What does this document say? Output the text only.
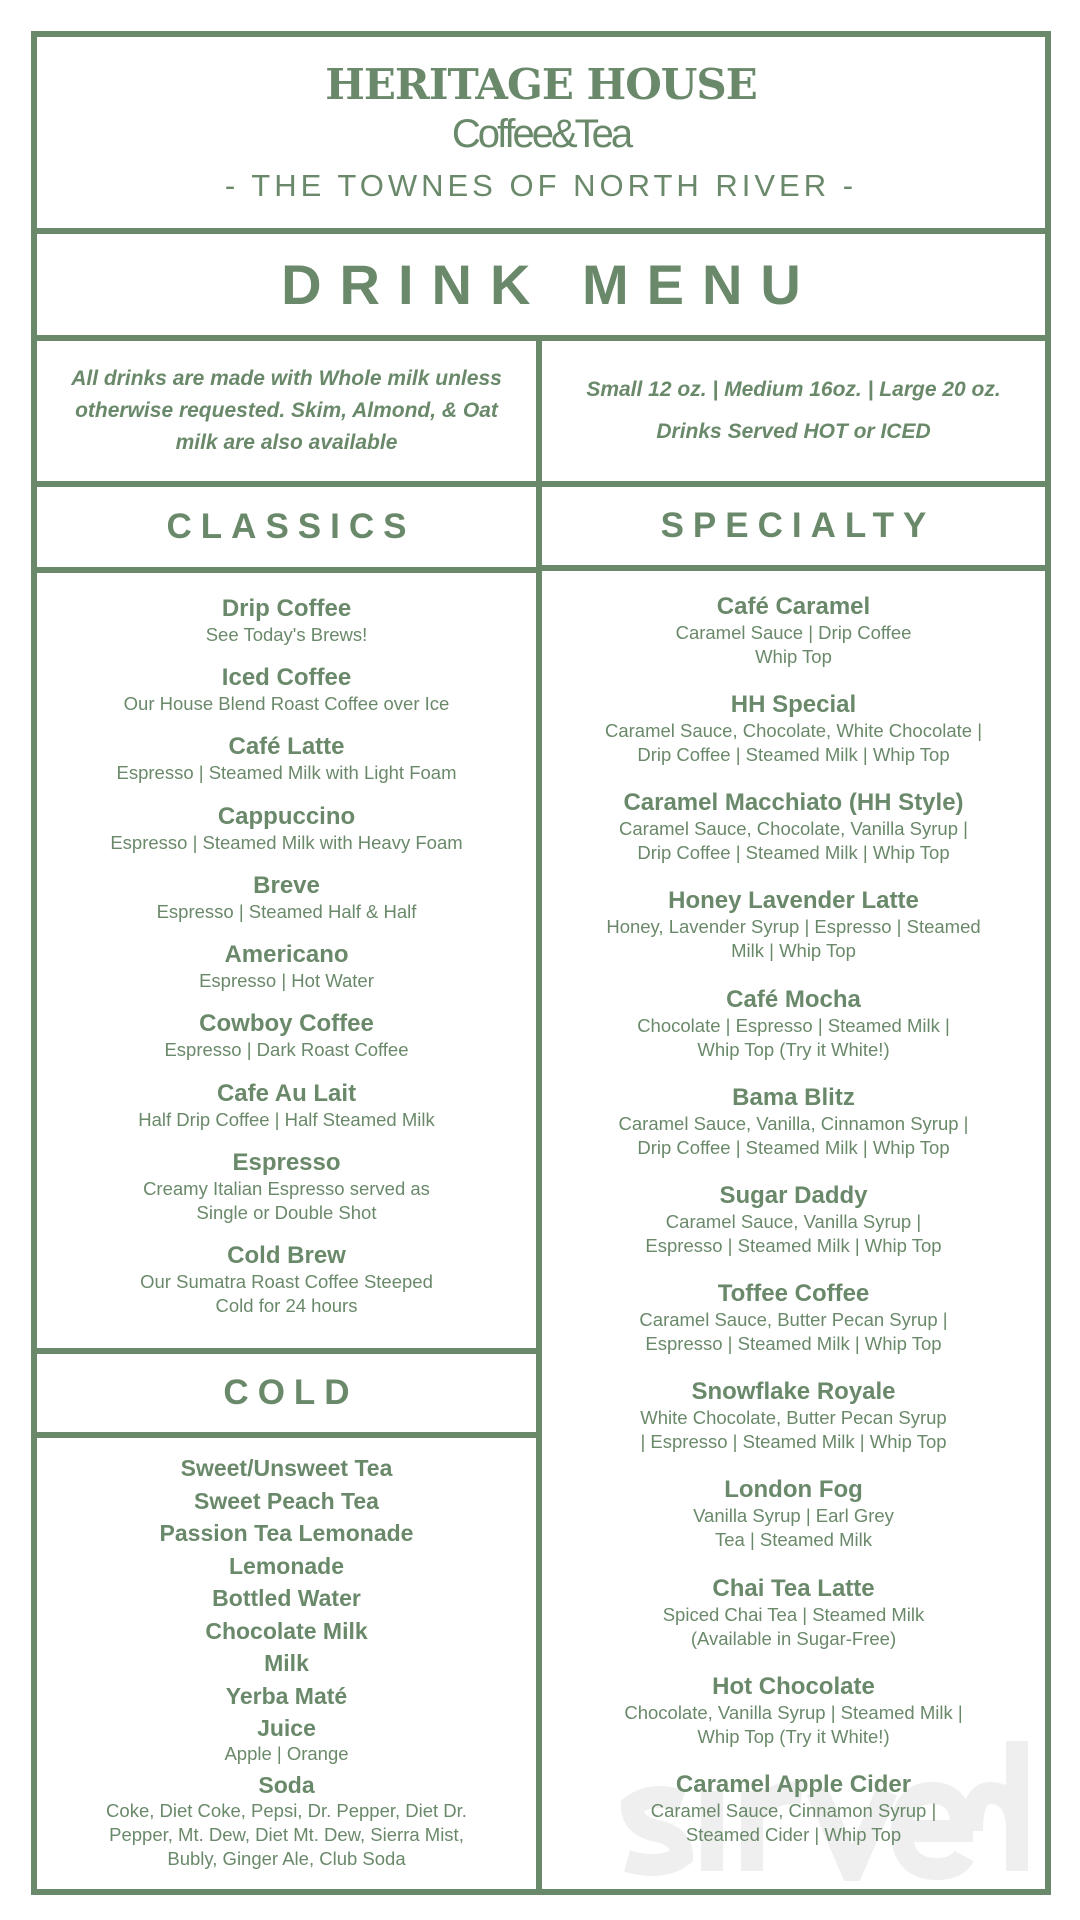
HERITAGE HOUSE
Coffee&Tea
- THE TOWNES OF NORTH RIVER -
DRINK MENU
All drinks are made with Whole milk unless otherwise requested. Skim, Almond, & Oat milk are also available
Small 12 oz. | Medium 16oz. | Large 20 oz.
Drinks Served HOT or ICED
CLASSICS	SPECIALTY
Drip Coffee
See Today's Brews!
Iced Coffee
Our House Blend Roast Coffee over Ice
Café Latte
Espresso | Steamed Milk with Light Foam
Cappuccino
Espresso | Steamed Milk with Heavy Foam
Breve
Espresso | Steamed Half & Half
Americano
Espresso | Hot Water
Cowboy Coffee
Espresso | Dark Roast Coffee
Cafe Au Lait
Half Drip Coffee | Half Steamed Milk
Espresso
Creamy Italian Espresso served as
Single or Double Shot
Cold Brew
Our Sumatra Roast Coffee Steeped
Cold for 24 hours
COLD
Sweet/Unsweet Tea
Sweet Peach Tea
Passion Tea Lemonade
Lemonade
Bottled Water
Chocolate Milk
Milk
Yerba Maté
Juice
Apple | Orange
Soda
Coke, Diet Coke, Pepsi, Dr. Pepper, Diet Dr.
Pepper, Mt. Dew, Diet Mt. Dew, Sierra Mist,
Bubly, Ginger Ale, Club Soda
Café Caramel
Caramel Sauce | Drip Coffee
Whip Top
HH Special
Caramel Sauce, Chocolate, White Chocolate |
Drip Coffee | Steamed Milk | Whip Top
Caramel Macchiato (HH Style)
Caramel Sauce, Chocolate, Vanilla Syrup |
Drip Coffee | Steamed Milk | Whip Top
Honey Lavender Latte
Honey, Lavender Syrup | Espresso | Steamed
Milk | Whip Top
Café Mocha
Chocolate | Espresso | Steamed Milk |
Whip Top (Try it White!)
Bama Blitz
Caramel Sauce, Vanilla, Cinnamon Syrup |
Drip Coffee | Steamed Milk | Whip Top
Sugar Daddy
Caramel Sauce, Vanilla Syrup |
Espresso | Steamed Milk | Whip Top
Toffee Coffee
Caramel Sauce, Butter Pecan Syrup |
Espresso | Steamed Milk | Whip Top
Snowflake Royale
White Chocolate, Butter Pecan Syrup
| Espresso | Steamed Milk | Whip Top
London Fog
Vanilla Syrup | Earl Grey
Tea | Steamed Milk
Chai Tea Latte
Spiced Chai Tea | Steamed Milk
(Available in Sugar-Free)
Hot Chocolate
Chocolate, Vanilla Syrup | Steamed Milk |
Whip Top (Try it White!)
Caramel Apple Cider
Caramel Sauce, Cinnamon Syrup |
Steamed Cider | Whip Top
